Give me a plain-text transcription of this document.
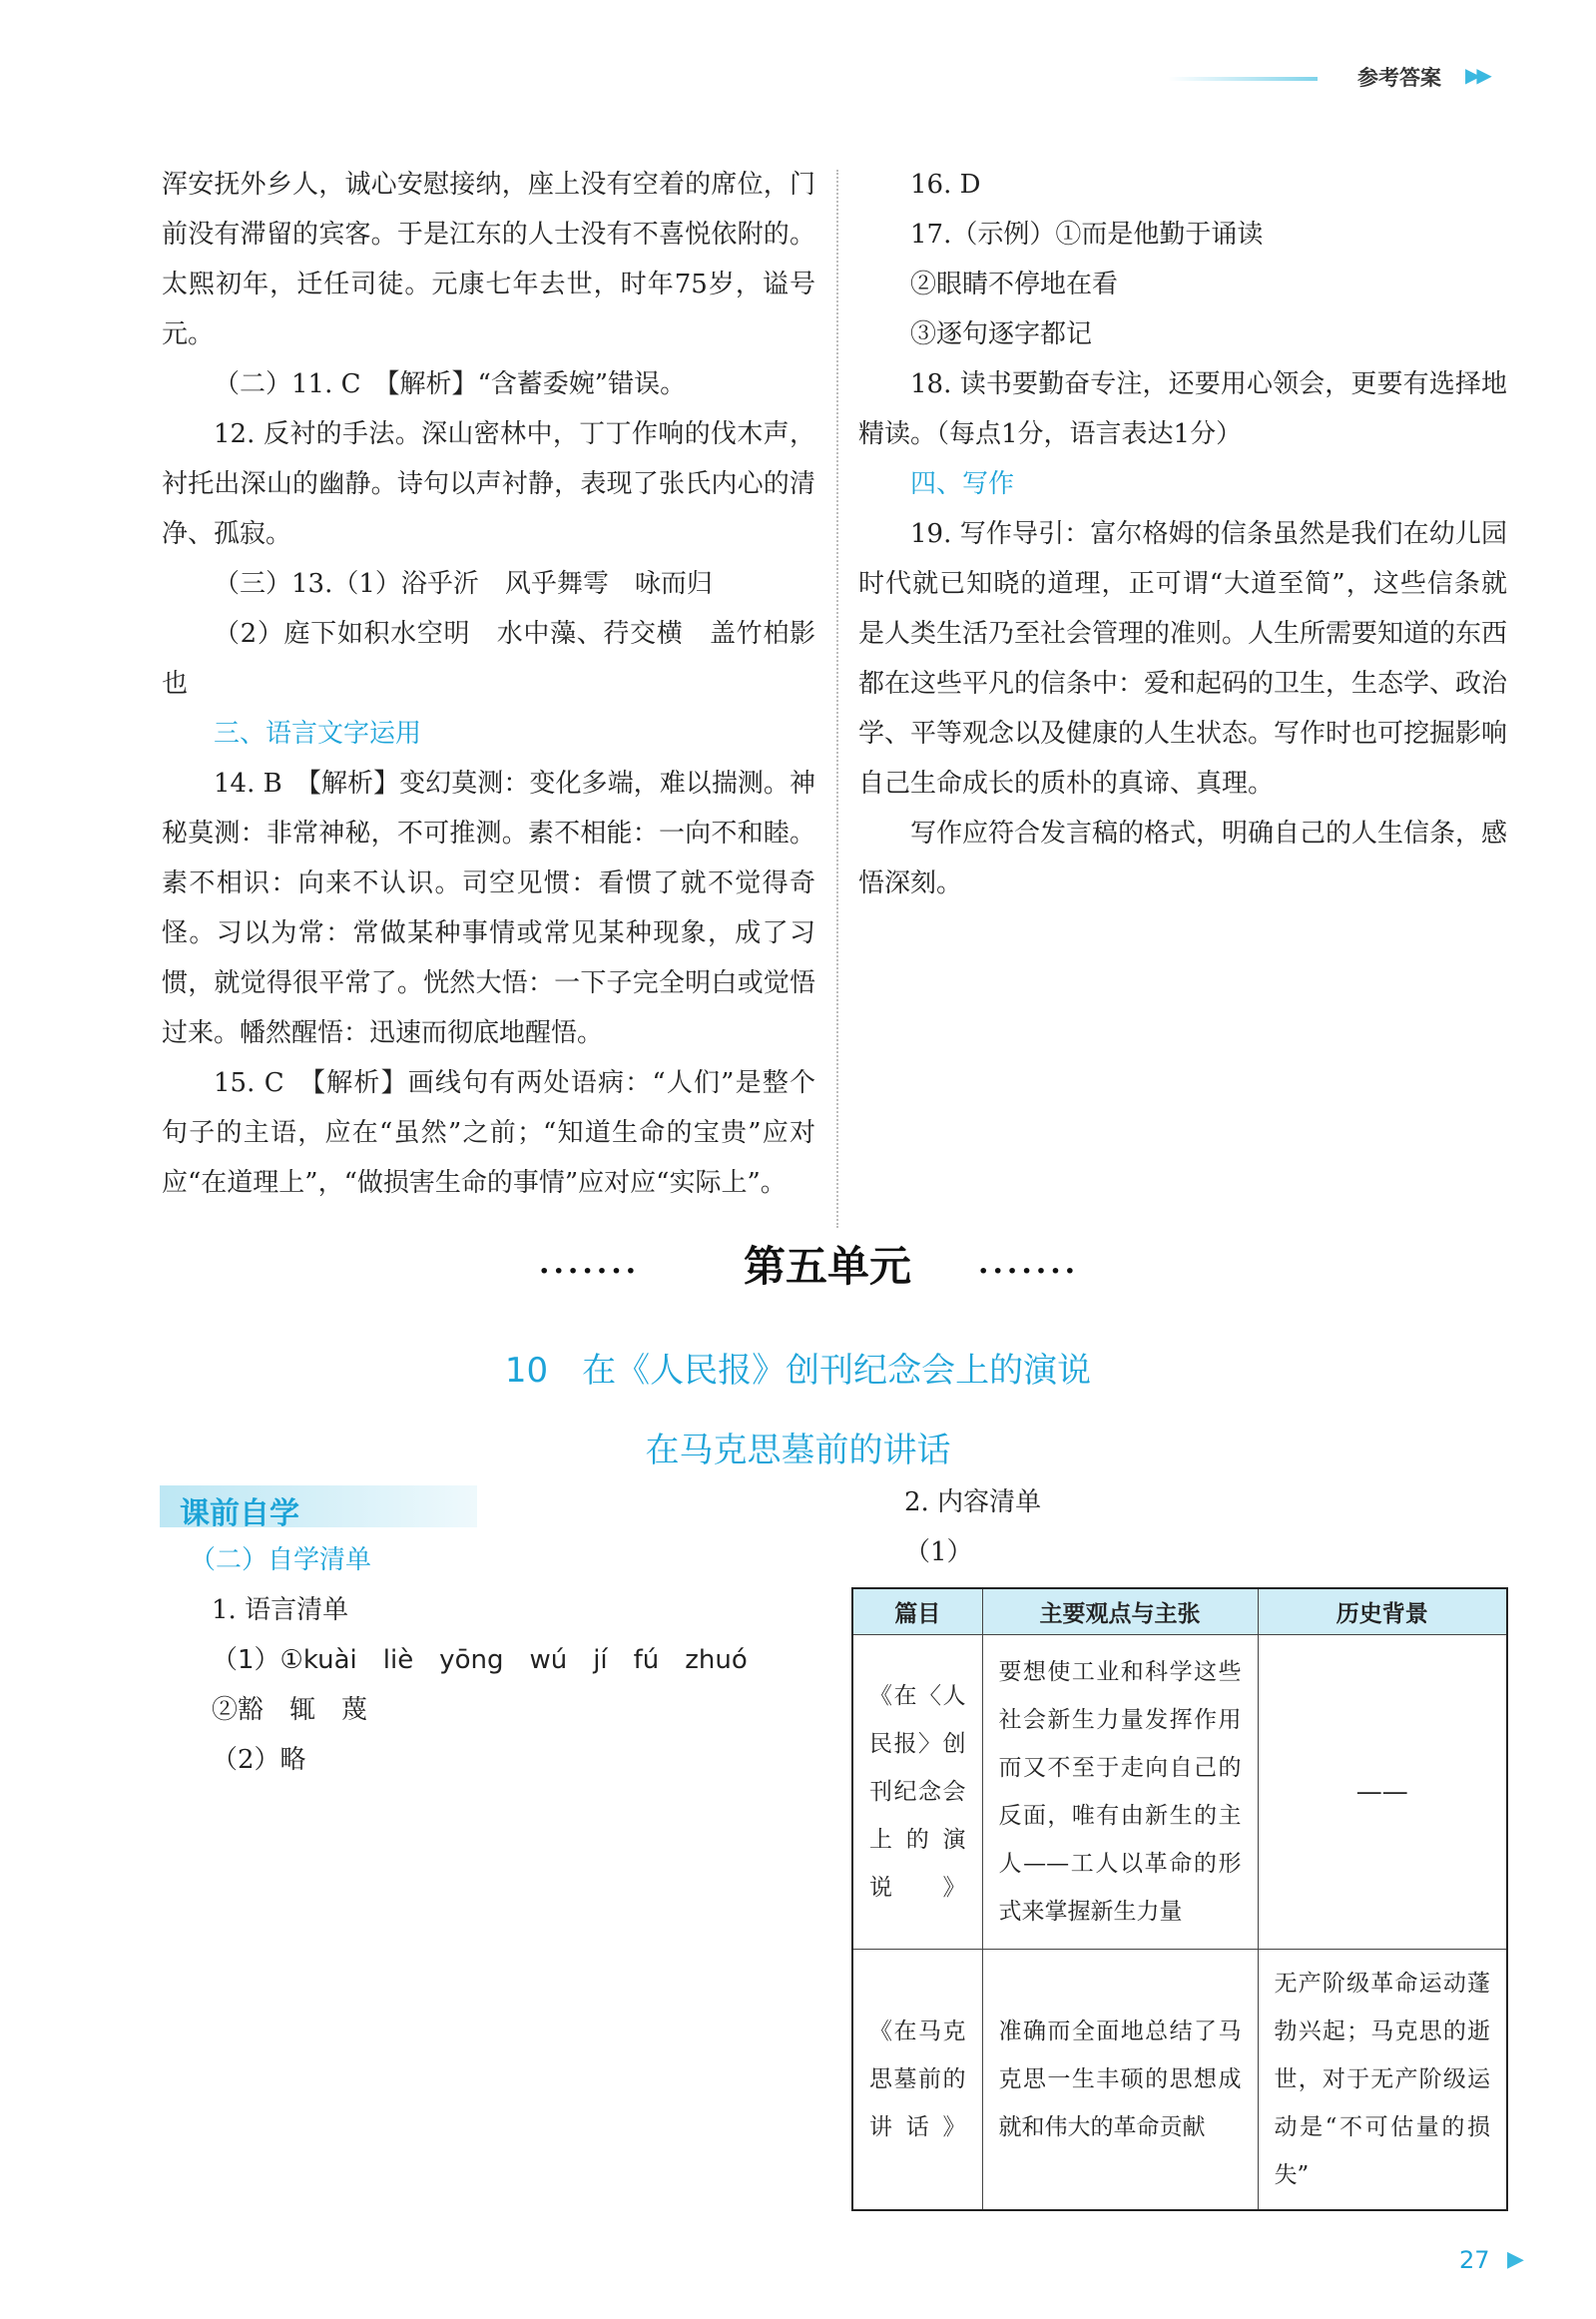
参考答案 ▶▶

浑安抚外乡人，诚心安慰接纳，座上没有空着的席位，门前没有滞留的宾客。于是江东的人士没有不喜悦依附的。太熙初年，迁任司徒。元康七年去世，时年75岁，谥号元。

（二）11. C　【解析】“含蓄委婉”错误。

12. 反衬的手法。深山密林中，丁丁作响的伐木声，衬托出深山的幽静。诗句以声衬静，表现了张氏内心的清净、孤寂。

（三）13.（1）浴乎沂　风乎舞雩　咏而归

（2）庭下如积水空明　水中藻、荇交横　盖竹柏影也

三、语言文字运用

14. B　【解析】变幻莫测：变化多端，难以揣测。神秘莫测：非常神秘，不可推测。素不相能：一向不和睦。素不相识：向来不认识。司空见惯：看惯了就不觉得奇怪。习以为常：常做某种事情或常见某种现象，成了习惯，就觉得很平常了。恍然大悟：一下子完全明白或觉悟过来。幡然醒悟：迅速而彻底地醒悟。

15. C　【解析】画线句有两处语病：“人们”是整个句子的主语，应在“虽然”之前；“知道生命的宝贵”应对应“在道理上”，“做损害生命的事情”应对应“实际上”。

16. D

17.（示例）①而是他勤于诵读

②眼睛不停地在看

③逐句逐字都记

18. 读书要勤奋专注，还要用心领会，更要有选择地精读。（每点1分，语言表达1分）

四、写作

19. 写作导引：富尔格姆的信条虽然是我们在幼儿园时代就已知晓的道理，正可谓“大道至简”，这些信条就是人类生活乃至社会管理的准则。人生所需要知道的东西都在这些平凡的信条中：爱和起码的卫生，生态学、政治学、平等观念以及健康的人生状态。写作时也可挖掘影响自己生命成长的质朴的真谛、真理。

写作应符合发言稿的格式，明确自己的人生信条，感悟深刻。

······· 第五单元 ·······
10　在《人民报》创刊纪念会上的演说
在马克思墓前的讲话
课前自学

（二）自学清单

1. 语言清单

（1）①kuài　liè　yōng　wú　jí　fú　zhuó

②豁　辄　蔑

（2）略

2. 内容清单

（1）

篇目	主要观点与主张	历史背景
《在〈人民报〉创刊纪念会上的演说》	要想使工业和科学这些社会新生力量发挥作用而又不至于走向自己的反面，唯有由新生的主人——工人以革命的形式来掌握新生力量	——
《在马克思墓前的讲话》	准确而全面地总结了马克思一生丰硕的思想成就和伟大的革命贡献	无产阶级革命运动蓬勃兴起；马克思的逝世，对于无产阶级运动是“不可估量的损失”
27 ▶
